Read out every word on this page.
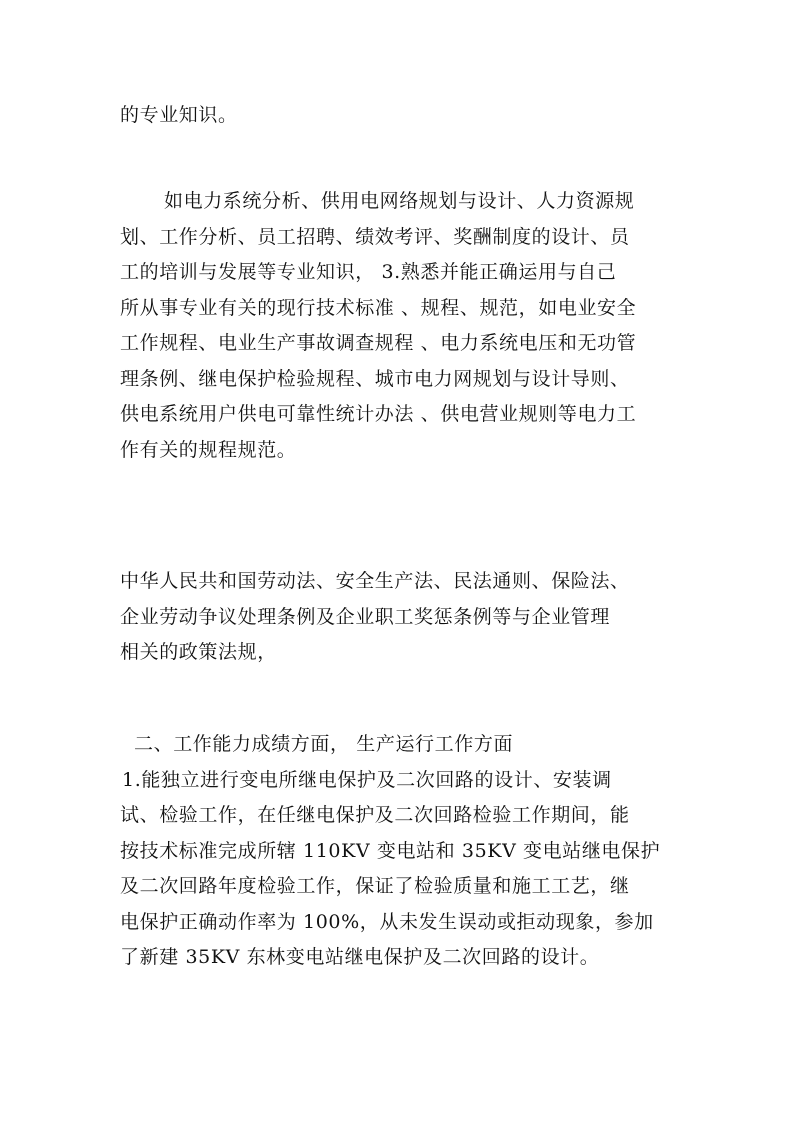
的专业知识。

如电力系统分析、供用电网络规划与设计、人力资源规
划、工作分析、员工招聘、绩效考评、奖酬制度的设计、员
工的培训与发展等专业知识， 3.熟悉并能正确运用与自己
所从事专业有关的现行技术标准 、规程、规范，如电业安全
工作规程、电业生产事故调查规程 、电力系统电压和无功管
理条例、继电保护检验规程、城市电力网规划与设计导则、
供电系统用户供电可靠性统计办法 、供电营业规则等电力工
作有关的规程规范。

中华人民共和国劳动法、安全生产法、民法通则、保险法、
企业劳动争议处理条例及企业职工奖惩条例等与企业管理
相关的政策法规，

二、工作能力成绩方面， 生产运行工作方面
1.能独立进行变电所继电保护及二次回路的设计、安装调
试、检验工作，在任继电保护及二次回路检验工作期间，能
按技术标准完成所辖 110KV 变电站和 35KV 变电站继电保护
及二次回路年度检验工作，保证了检验质量和施工工艺，继
电保护正确动作率为 100%，从未发生误动或拒动现象，参加
了新建 35KV 东林变电站继电保护及二次回路的设计。
